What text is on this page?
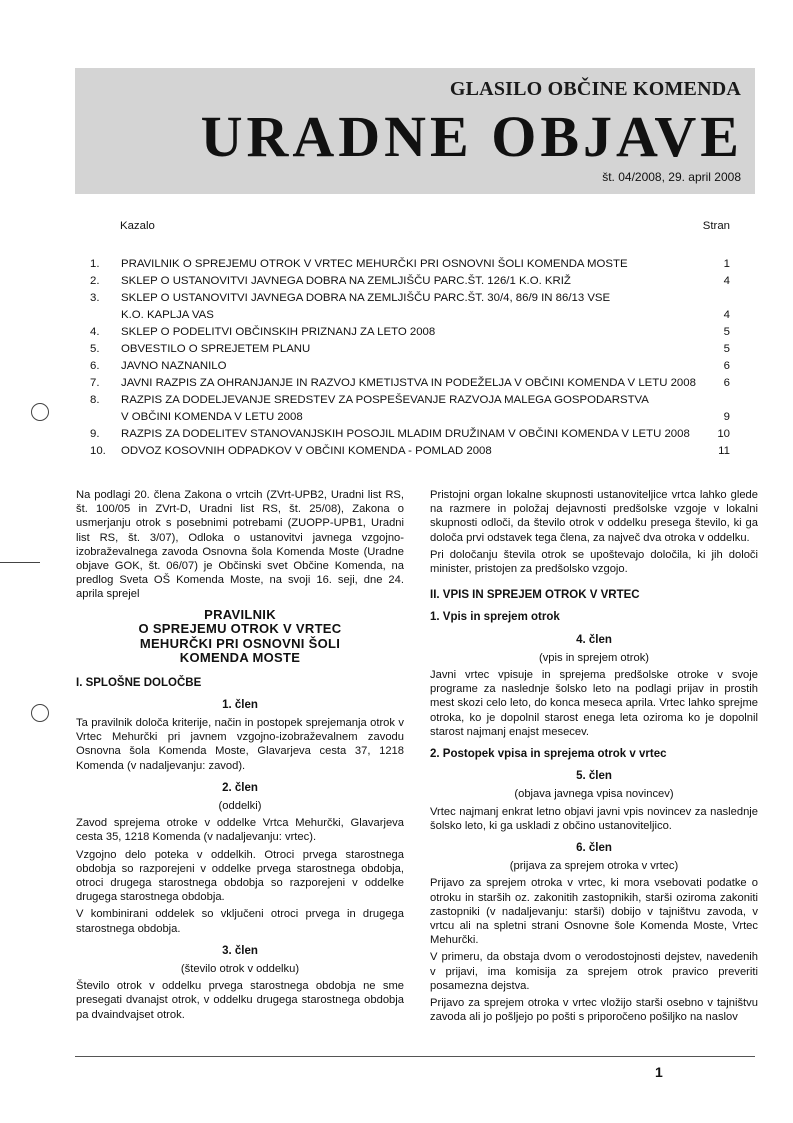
GLASILO OBČINE KOMENDA
URADNE OBJAVE
št. 04/2008, 29. april 2008
Kazalo	Stran
1.	PRAVILNIK O SPREJEMU OTROK V VRTEC MEHURČKI PRI OSNOVNI ŠOLI KOMENDA MOSTE	1
2.	SKLEP O USTANOVITVI JAVNEGA DOBRA NA ZEMLJIŠČU PARC.ŠT. 126/1 K.O. KRIŽ	4
3.	SKLEP O USTANOVITVI JAVNEGA DOBRA NA ZEMLJIŠČU PARC.ŠT. 30/4, 86/9 IN 86/13 VSE
K.O. KAPLJA VAS	4
4.	SKLEP O PODELITVI OBČINSKIH PRIZNANJ ZA LETO 2008	5
5.	OBVESTILO O SPREJETEM PLANU	5
6.	JAVNO NAZNANILO	6
7.	JAVNI RAZPIS ZA OHRANJANJE IN RAZVOJ KMETIJSTVA IN PODEŽELJA V OBČINI KOMENDA V LETU 2008	6
8.	RAZPIS ZA DODELJEVANJE SREDSTEV ZA POSPEŠEVANJE RAZVOJA MALEGA GOSPODARSTVA
V OBČINI KOMENDA V LETU 2008	9
9.	RAZPIS ZA DODELITEV STANOVANJSKIH POSOJIL MLADIM DRUŽINAM V OBČINI KOMENDA V LETU 2008	10
10.	ODVOZ KOSOVNIH ODPADKOV V OBČINI KOMENDA - POMLAD 2008	11

Na podlagi 20. člena Zakona o vrtcih (ZVrt-UPB2, Uradni list RS, št. 100/05 in ZVrt-D, Uradni list RS, št. 25/08), Zakona o usmerjanju otrok s posebnimi potrebami (ZUOPP-UPB1, Uradni list RS, št. 3/07), Odloka o ustanovitvi javnega vzgojno-izobraževalnega zavoda Osnovna šola Komenda Moste (Uradne objave GOK, št. 06/07) je Občinski svet Občine Komenda, na predlog Sveta OŠ Komenda Moste, na svoji 16. seji, dne 24. aprila sprejel

PRAVILNIK
O SPREJEMU OTROK V VRTEC
MEHURČKI PRI OSNOVNI ŠOLI
KOMENDA MOSTE
I. SPLOŠNE DOLOČBE
1. člen

Ta pravilnik določa kriterije, način in postopek sprejemanja otrok v Vrtec Mehurčki pri javnem vzgojno-izobraževalnem zavodu Osnovna šola Komenda Moste, Glavarjeva cesta 37, 1218 Komenda (v nadaljevanju: zavod).

2. člen
(oddelki)

Zavod sprejema otroke v oddelke Vrtca Mehurčki, Glavarjeva cesta 35, 1218 Komenda (v nadaljevanju: vrtec).

Vzgojno delo poteka v oddelkih. Otroci prvega starostnega obdobja so razporejeni v oddelke prvega starostnega obdobja, otroci drugega starostnega obdobja so razporejeni v oddelke drugega starostnega obdobja.

V kombinirani oddelek so vključeni otroci prvega in drugega starostnega obdobja.

3. člen
(število otrok v oddelku)

Število otrok v oddelku prvega starostnega obdobja ne sme presegati dvanajst otrok, v oddelku drugega starostnega obdobja pa dvaindvajset otrok.

Pristojni organ lokalne skupnosti ustanoviteljice vrtca lahko glede na razmere in položaj dejavnosti predšolske vzgoje v lokalni skupnosti odloči, da število otrok v oddelku presega število, ki ga določa prvi odstavek tega člena, za največ dva otroka v oddelku.

Pri določanju števila otrok se upoštevajo določila, ki jih določi minister, pristojen za predšolsko vzgojo.

II. VPIS IN SPREJEM OTROK V VRTEC
1. Vpis in sprejem otrok
4. člen
(vpis in sprejem otrok)

Javni vrtec vpisuje in sprejema predšolske otroke v svoje programe za naslednje šolsko leto na podlagi prijav in prostih mest skozi celo leto, do konca meseca aprila. Vrtec lahko sprejme otroka, ko je dopolnil starost enega leta oziroma ko je dopolnil starost najmanj enajst mesecev.

2. Postopek vpisa in sprejema otrok v vrtec
5. člen
(objava javnega vpisa novincev)

Vrtec najmanj enkrat letno objavi javni vpis novincev za naslednje šolsko leto, ki ga uskladi z občino ustanoviteljico.

6. člen
(prijava za sprejem otroka v vrtec)

Prijavo za sprejem otroka v vrtec, ki mora vsebovati podatke o otroku in starših oz. zakonitih zastopnikih, starši oziroma zakoniti zastopniki (v nadaljevanju: starši) dobijo v tajništvu zavoda, v vrtcu ali na spletni strani Osnovne šole Komenda Moste, Vrtec Mehurčki.

V primeru, da obstaja dvom o verodostojnosti dejstev, navedenih v prijavi, ima komisija za sprejem otrok pravico preveriti posamezna dejstva.

Prijavo za sprejem otroka v vrtec vložijo starši osebno v tajništvu zavoda ali jo pošljejo po pošti s priporočeno pošiljko na naslov

1
